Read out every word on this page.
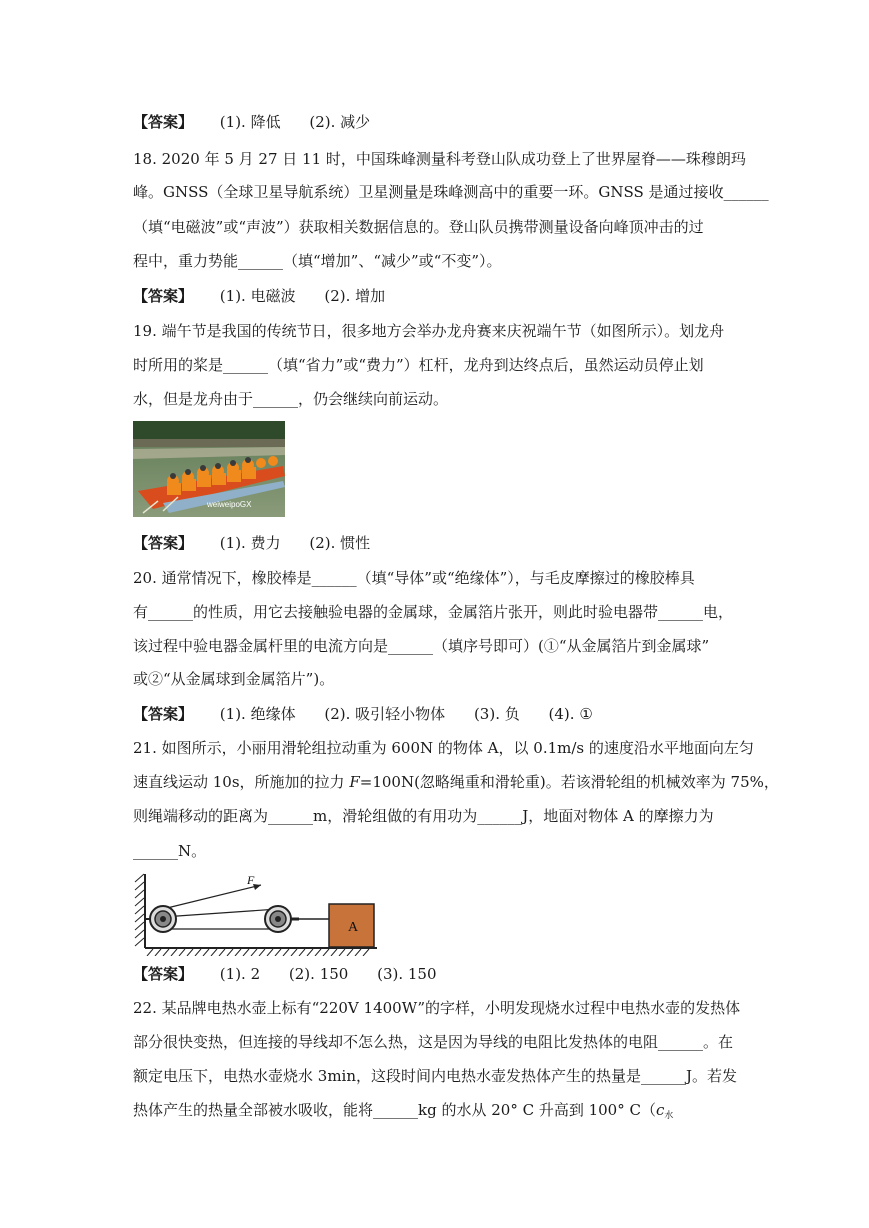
【答案】 (1). 降低 (2). 减少
18. 2020 年 5 月 27 日 11 时，中国珠峰测量科考登山队成功登上了世界屋脊——珠穆朗玛
峰。GNSS（全球卫星导航系统）卫星测量是珠峰测高中的重要一环。GNSS 是通过接收______
（填“电磁波”或“声波”）获取相关数据信息的。登山队员携带测量设备向峰顶冲击的过
程中，重力势能______（填“增加”、“减少”或“不变”）。
【答案】 (1). 电磁波 (2). 增加
19. 端午节是我国的传统节日，很多地方会举办龙舟赛来庆祝端午节（如图所示）。划龙舟
时所用的桨是______（填“省力”或“费力”）杠杆，龙舟到达终点后，虽然运动员停止划
水，但是龙舟由于______，仍会继续向前运动。
weiweipoGX
【答案】 (1). 费力 (2). 惯性
20. 通常情况下，橡胶棒是______（填“导体”或“绝缘体”），与毛皮摩擦过的橡胶棒具
有______的性质，用它去接触验电器的金属球，金属箔片张开，则此时验电器带______电，
该过程中验电器金属杆里的电流方向是______（填序号即可）(①“从金属箔片到金属球”
或②“从金属球到金属箔片”)。
【答案】 (1). 绝缘体 (2). 吸引轻小物体 (3). 负 (4). ①
21. 如图所示，小丽用滑轮组拉动重为 600N 的物体 A，以 0.1m/s 的速度沿水平地面向左匀
速直线运动 10s，所施加的拉力 F=100N(忽略绳重和滑轮重)。若该滑轮组的机械效率为 75%，
则绳端移动的距离为______m，滑轮组做的有用功为______J，地面对物体 A 的摩擦力为
______N。
A
F
【答案】 (1). 2 (2). 150 (3). 150
22. 某品牌电热水壶上标有“220V 1400W”的字样，小明发现烧水过程中电热水壶的发热体
部分很快变热，但连接的导线却不怎么热，这是因为导线的电阻比发热体的电阻______。在
额定电压下，电热水壶烧水 3min，这段时间内电热水壶发热体产生的热量是______J。若发
热体产生的热量全部被水吸收，能将______kg 的水从 20° C 升高到 100° $C(c_水$
